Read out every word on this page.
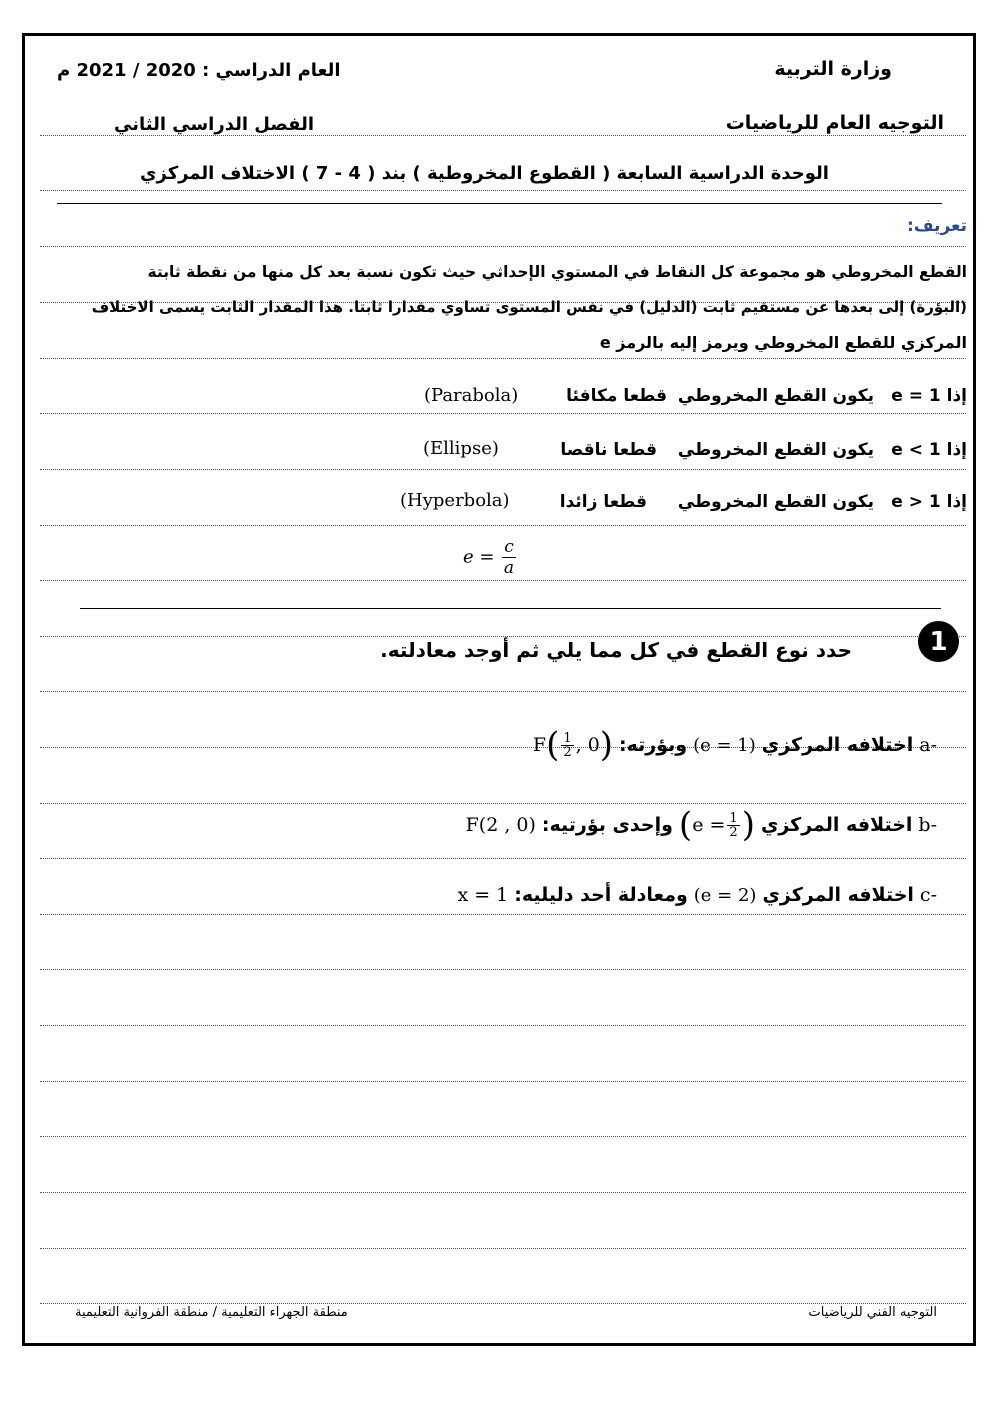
وزارة التربية
العام الدراسي : 2020 / 2021 م
التوجيه العام للرياضيات
الفصل الدراسي الثاني
الوحدة الدراسية السابعة ( القطوع المخروطية ) بند ( 4 - 7 ) الاختلاف المركزي
تعريف:
القطع المخروطي هو مجموعة كل النقاط في المستوي الإحداثي حيث تكون نسبة بعد كل منها من نقطة ثابتة
(البؤرة) إلى بعدها عن مستقيم ثابت (الدليل) في نفس المستوى تساوي مقدارا ثابتا. هذا المقدار الثابت يسمى الاختلاف
المركزي للقطع المخروطي ويرمز إليه بالرمز e
إذا e = 1
يكون القطع المخروطي
قطعا مكافئا
(Parabola)
إذا e < 1
يكون القطع المخروطي
قطعا ناقصا
(Ellipse)
إذا e > 1
يكون القطع المخروطي
قطعا زائدا
(Hyperbola)
$e = \frac{c}{a}$
1
حدد نوع القطع في كل مما يلي ثم أوجد معادلته.
-a
اختلافه المركزي
(e = 1)
وبؤرته:
F ( $\frac{1}{2}$ , 0 )
-b
اختلافه المركزي
( $e = \frac{1}{2}$ )
وإحدى بؤرتيه:
F(2 , 0)
-c
اختلافه المركزي
(e = 2)
ومعادلة أحد دليليه:
x = 1
التوجيه الفني للرياضيات
منطقة الجهراء التعليمية / منطقة الفروانية التعليمية
